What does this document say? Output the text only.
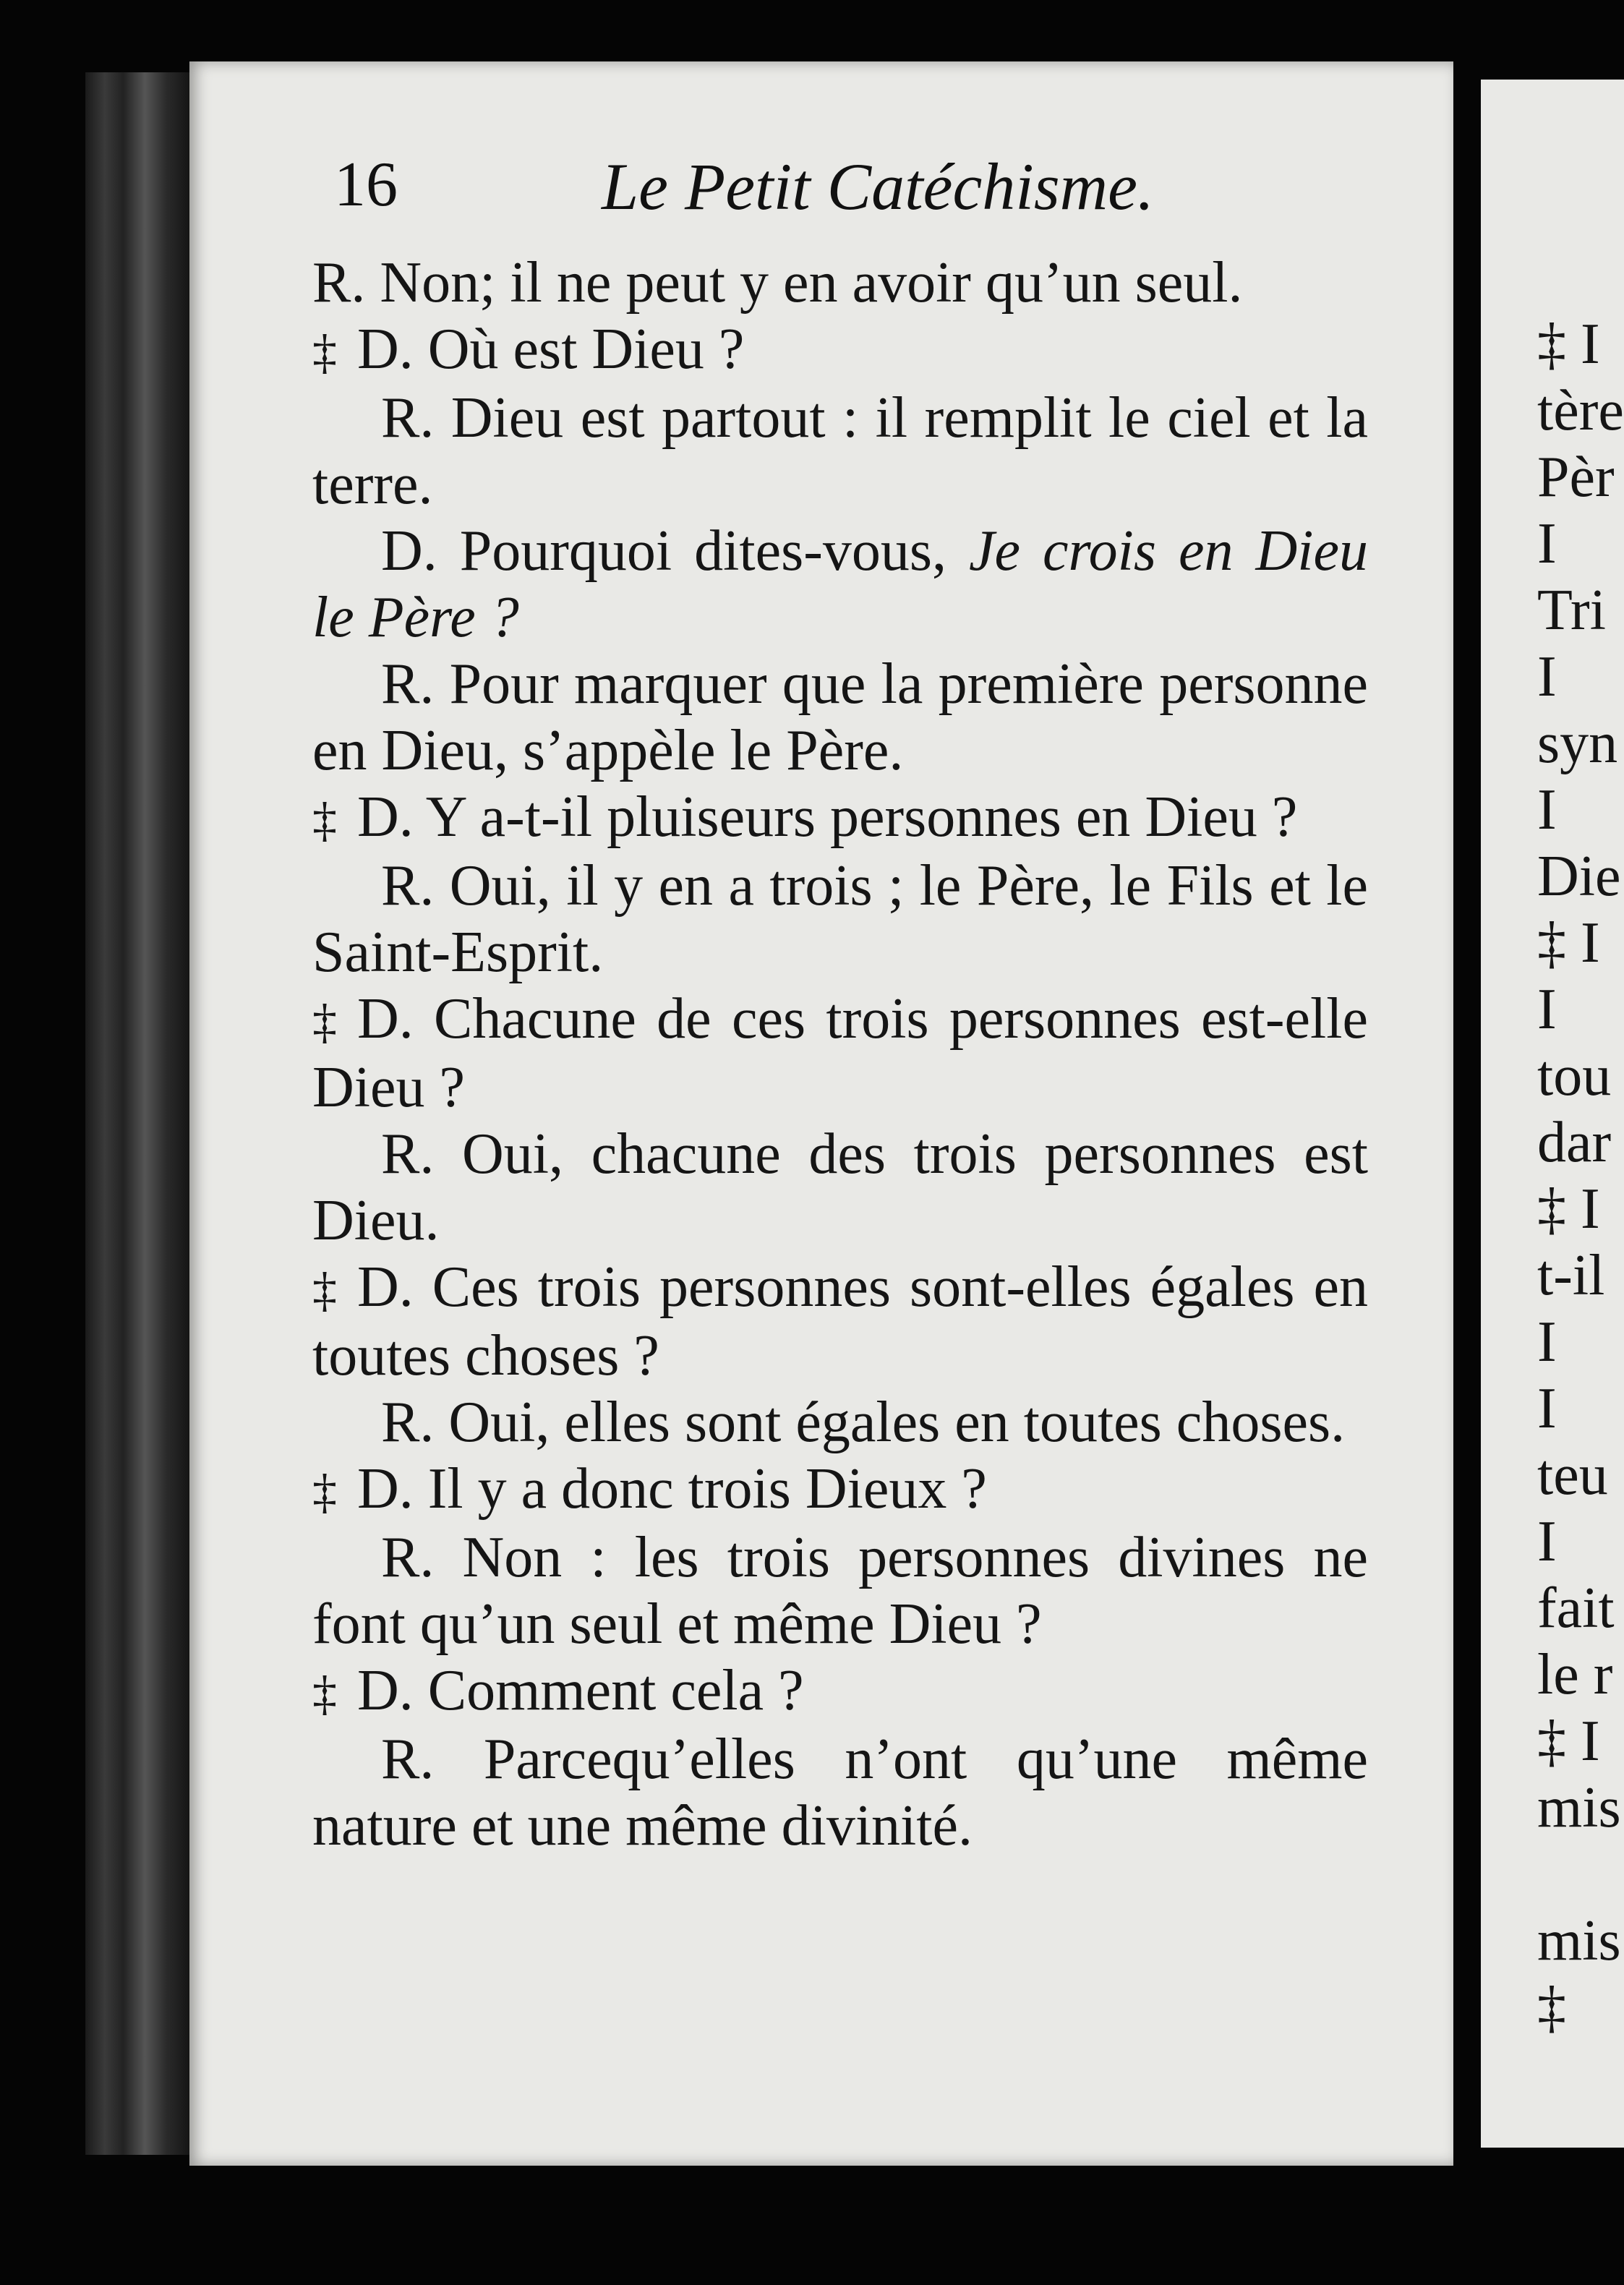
16	Le Petit Catéchisme.

R. Non; il ne peut y en avoir qu’un seul.

‡ D. Où est Dieu ?

R. Dieu est partout : il remplit le ciel et la terre.

D. Pourquoi dites-vous, Je crois en Dieu le Père ?

R. Pour marquer que la première personne en Dieu, s’appèle le Père.

‡ D. Y a-t-il pluiseurs personnes en Dieu ?

R. Oui, il y en a trois ; le Père, le Fils et le Saint-Esprit.

‡ D. Chacune de ces trois personnes est-elle Dieu ?

R. Oui, chacune des trois personnes est Dieu.

‡ D. Ces trois personnes sont-elles égales en toutes choses ?

R. Oui, elles sont égales en toutes choses.

‡ D. Il y a donc trois Dieux ?

R. Non : les trois personnes divines ne font qu’un seul et même Dieu ?

‡ D. Comment cela ?

R. Parcequ’elles n’ont qu’une même nature et une même divinité.

‡ I
tère
Pèr
I
Tri
I
syn
I
Die
‡ I
I
tou
dar
‡ I
t-il
I
I
teu
I
fait
le r
‡ I
mis
mis
‡
